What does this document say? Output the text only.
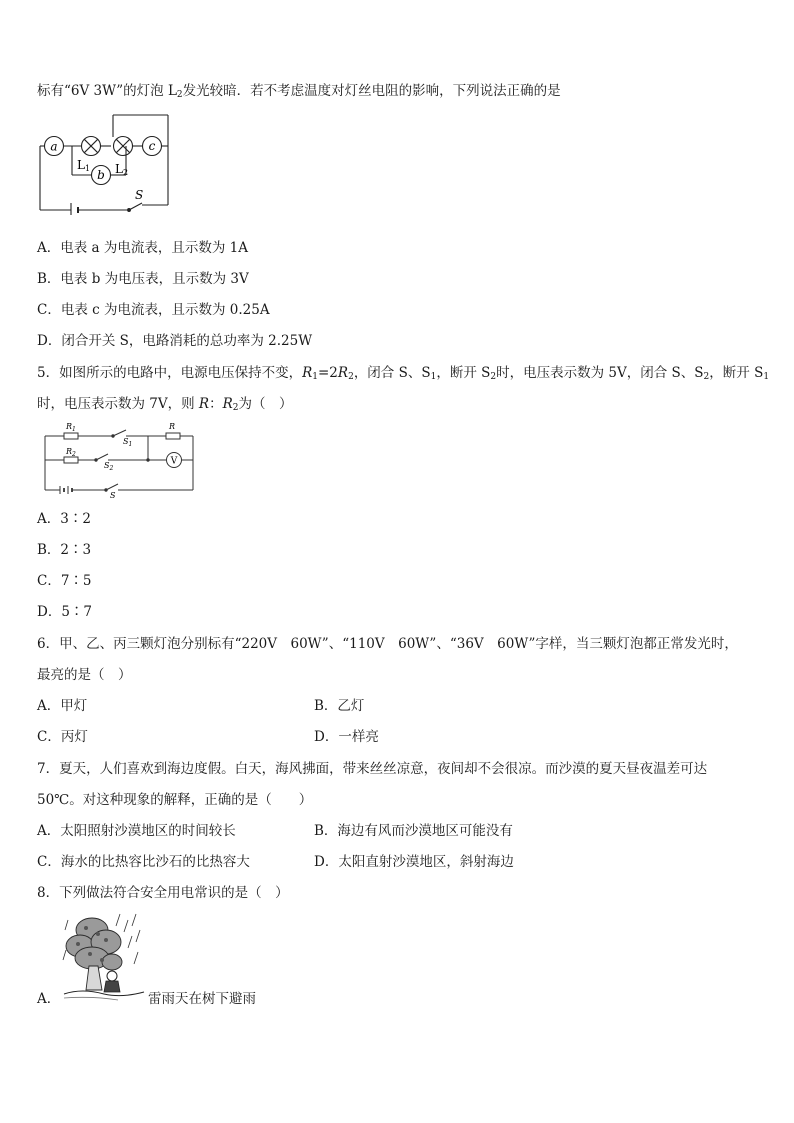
标有“6V 3W”的灯泡 $L_2$发光较暗．若不考虑温度对灯丝电阻的影响，下列说法正确的是
a	c
b
L1 L2
S
A．电表 a 为电流表，且示数为 1A
B．电表 b 为电压表，且示数为 3V
C．电表 c 为电流表，且示数为 0.25A
D．闭合开关 S，电路消耗的总功率为 2.25W
5．如图所示的电路中，电源电压保持不变，$R_1=2R_2$，闭合 S、$S_1$，断开 $S_2$时，电压表示数为 5V，闭合 S、$S_2$，断开 $S_1$
时，电压表示数为 7V，则 R：$R_2$为（　）
V
$R_1$
$R_2$
R
$S_1$
$S_2$
S
A．3∶2
B．2∶3
C．7∶5
D．5∶7
6．甲、乙、丙三颗灯泡分别标有“220V　60W”、“110V　60W”、“36V　60W”字样，当三颗灯泡都正常发光时，
最亮的是（　）
A．甲灯	B．乙灯
C．丙灯	D．一样亮
7．夏天，人们喜欢到海边度假。白天，海风拂面，带来丝丝凉意，夜间却不会很凉。而沙漠的夏天昼夜温差可达
50℃。对这种现象的解释，正确的是（　　）
A．太阳照射沙漠地区的时间较长	B．海边有风而沙漠地区可能没有
C．海水的比热容比沙石的比热容大	D．太阳直射沙漠地区，斜射海边
8．下列做法符合安全用电常识的是（　）
A．	雷雨天在树下避雨
